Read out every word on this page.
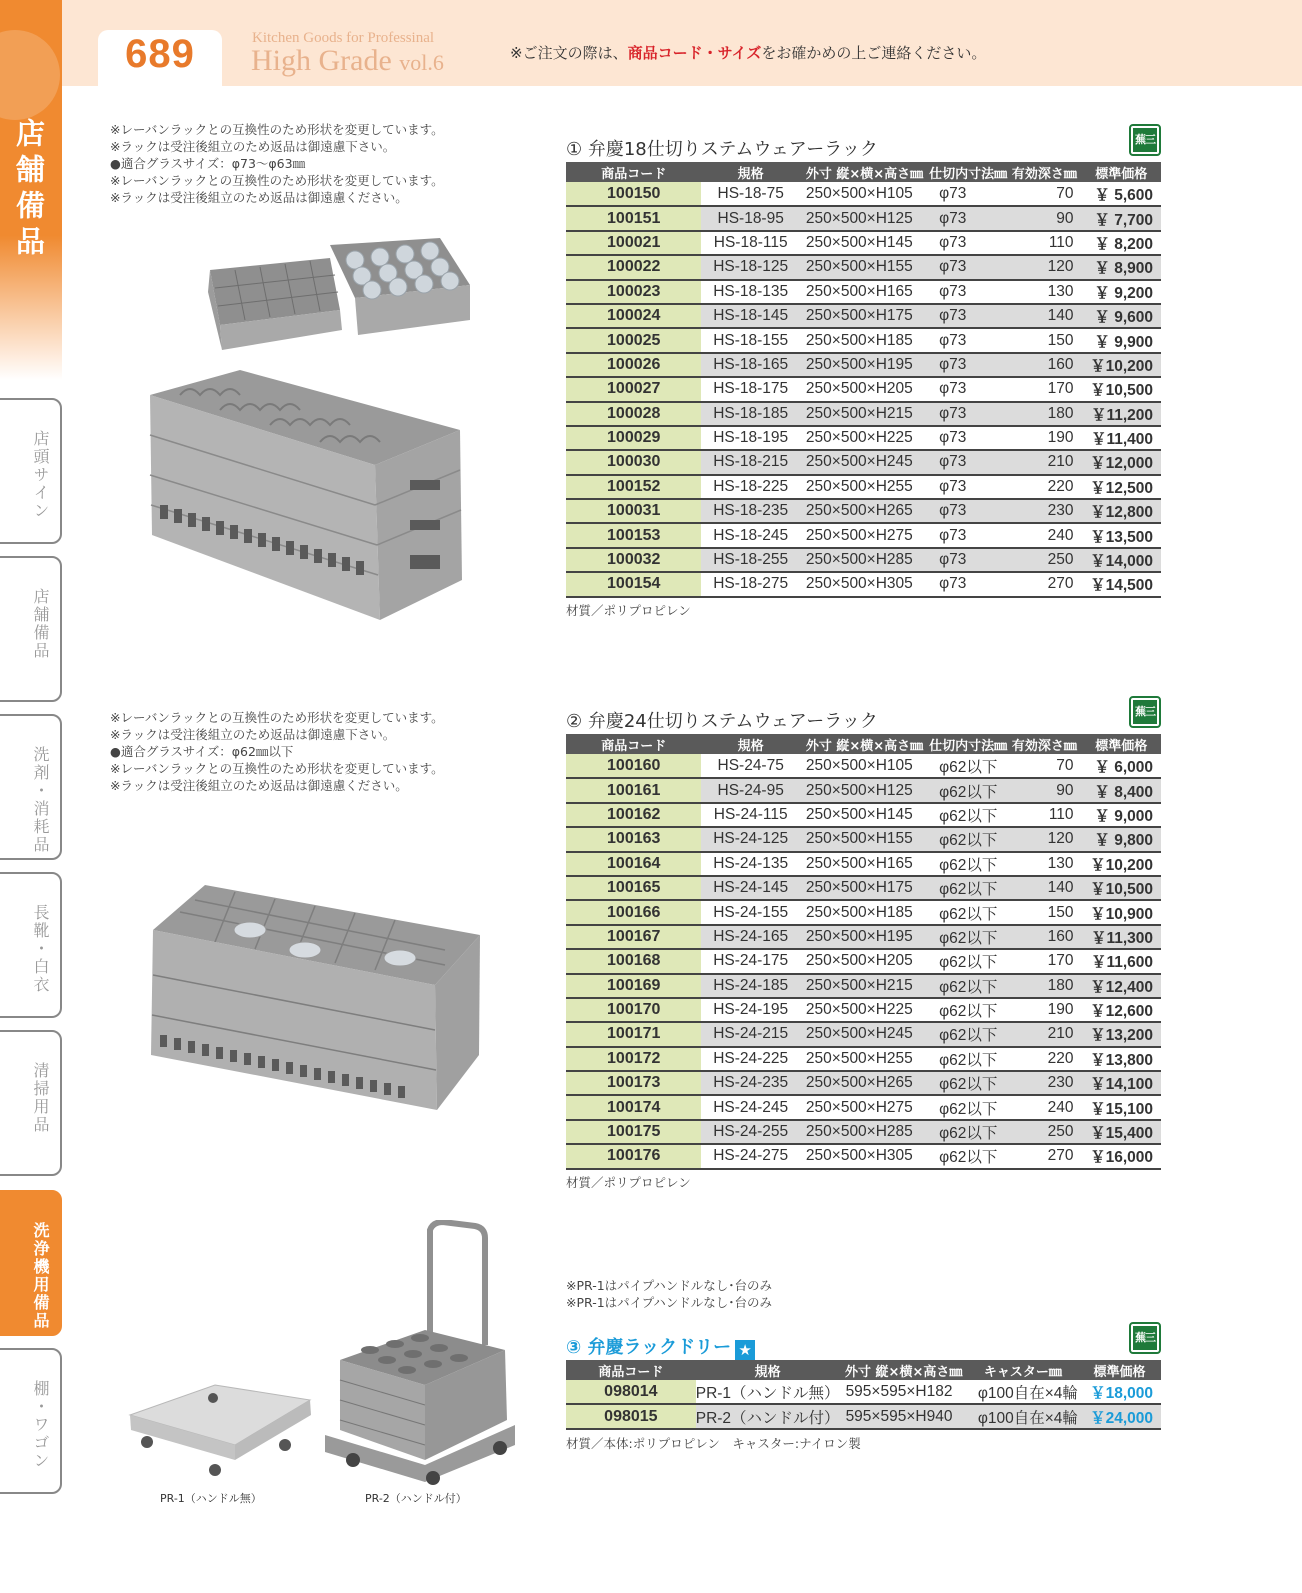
店舗備品
689	Kitchen Goods for Professinal
High Grade vol.6	※ご注文の際は、商品コード・サイズをお確かめの上ご連絡ください。
店頭サイン
店舗備品
洗剤・消耗品
長靴・白衣
清掃用品
洗浄機用備品
棚・ワゴン
※レーバンラックとの互換性のため形状を変更しています。
※ラックは受注後組立のため返品は御遠慮下さい。
●適合グラスサイズ：φ73～φ63㎜
※レーバンラックとの互換性のため形状を変更しています。
※ラックは受注後組立のため返品は御遠慮ください。
① 弁慶18仕切りステムウェアーラック	蕪三
商品コード	規格	外寸 縦×横×高さ㎜	仕切内寸法㎜	有効深さ㎜	標準価格
100150	HS-18-75	250×500×H105	φ73	70	￥ 5,600
100151	HS-18-95	250×500×H125	φ73	90	￥ 7,700
100021	HS-18-115	250×500×H145	φ73	110	￥ 8,200
100022	HS-18-125	250×500×H155	φ73	120	￥ 8,900
100023	HS-18-135	250×500×H165	φ73	130	￥ 9,200
100024	HS-18-145	250×500×H175	φ73	140	￥ 9,600
100025	HS-18-155	250×500×H185	φ73	150	￥ 9,900
100026	HS-18-165	250×500×H195	φ73	160	￥10,200
100027	HS-18-175	250×500×H205	φ73	170	￥10,500
100028	HS-18-185	250×500×H215	φ73	180	￥11,200
100029	HS-18-195	250×500×H225	φ73	190	￥11,400
100030	HS-18-215	250×500×H245	φ73	210	￥12,000
100152	HS-18-225	250×500×H255	φ73	220	￥12,500
100031	HS-18-235	250×500×H265	φ73	230	￥12,800
100153	HS-18-245	250×500×H275	φ73	240	￥13,500
100032	HS-18-255	250×500×H285	φ73	250	￥14,000
100154	HS-18-275	250×500×H305	φ73	270	￥14,500
材質／ポリプロピレン
※レーバンラックとの互換性のため形状を変更しています。
※ラックは受注後組立のため返品は御遠慮下さい。
●適合グラスサイズ：φ62㎜以下
※レーバンラックとの互換性のため形状を変更しています。
※ラックは受注後組立のため返品は御遠慮ください。
② 弁慶24仕切りステムウェアーラック	蕪三
商品コード	規格	外寸 縦×横×高さ㎜	仕切内寸法㎜	有効深さ㎜	標準価格
100160	HS-24-75	250×500×H105	φ62以下	70	￥ 6,000
100161	HS-24-95	250×500×H125	φ62以下	90	￥ 8,400
100162	HS-24-115	250×500×H145	φ62以下	110	￥ 9,000
100163	HS-24-125	250×500×H155	φ62以下	120	￥ 9,800
100164	HS-24-135	250×500×H165	φ62以下	130	￥10,200
100165	HS-24-145	250×500×H175	φ62以下	140	￥10,500
100166	HS-24-155	250×500×H185	φ62以下	150	￥10,900
100167	HS-24-165	250×500×H195	φ62以下	160	￥11,300
100168	HS-24-175	250×500×H205	φ62以下	170	￥11,600
100169	HS-24-185	250×500×H215	φ62以下	180	￥12,400
100170	HS-24-195	250×500×H225	φ62以下	190	￥12,600
100171	HS-24-215	250×500×H245	φ62以下	210	￥13,200
100172	HS-24-225	250×500×H255	φ62以下	220	￥13,800
100173	HS-24-235	250×500×H265	φ62以下	230	￥14,100
100174	HS-24-245	250×500×H275	φ62以下	240	￥15,100
100175	HS-24-255	250×500×H285	φ62以下	250	￥15,400
100176	HS-24-275	250×500×H305	φ62以下	270	￥16,000
材質／ポリプロピレン
※PR-1はパイプハンドルなし･台のみ
※PR-1はパイプハンドルなし･台のみ
PR-1（ハンドル無）	PR-2（ハンドル付）
③ 弁慶ラックドリー ★
蕪三
商品コード	規格	外寸 縦×横×高さ㎜	キャスター㎜	標準価格
098014	PR-1（ハンドル無）	595×595×H182	φ100自在×4輪	￥18,000
098015	PR-2（ハンドル付）	595×595×H940	φ100自在×4輪	￥24,000
材質／本体:ポリプロピレン　キャスター:ナイロン製
